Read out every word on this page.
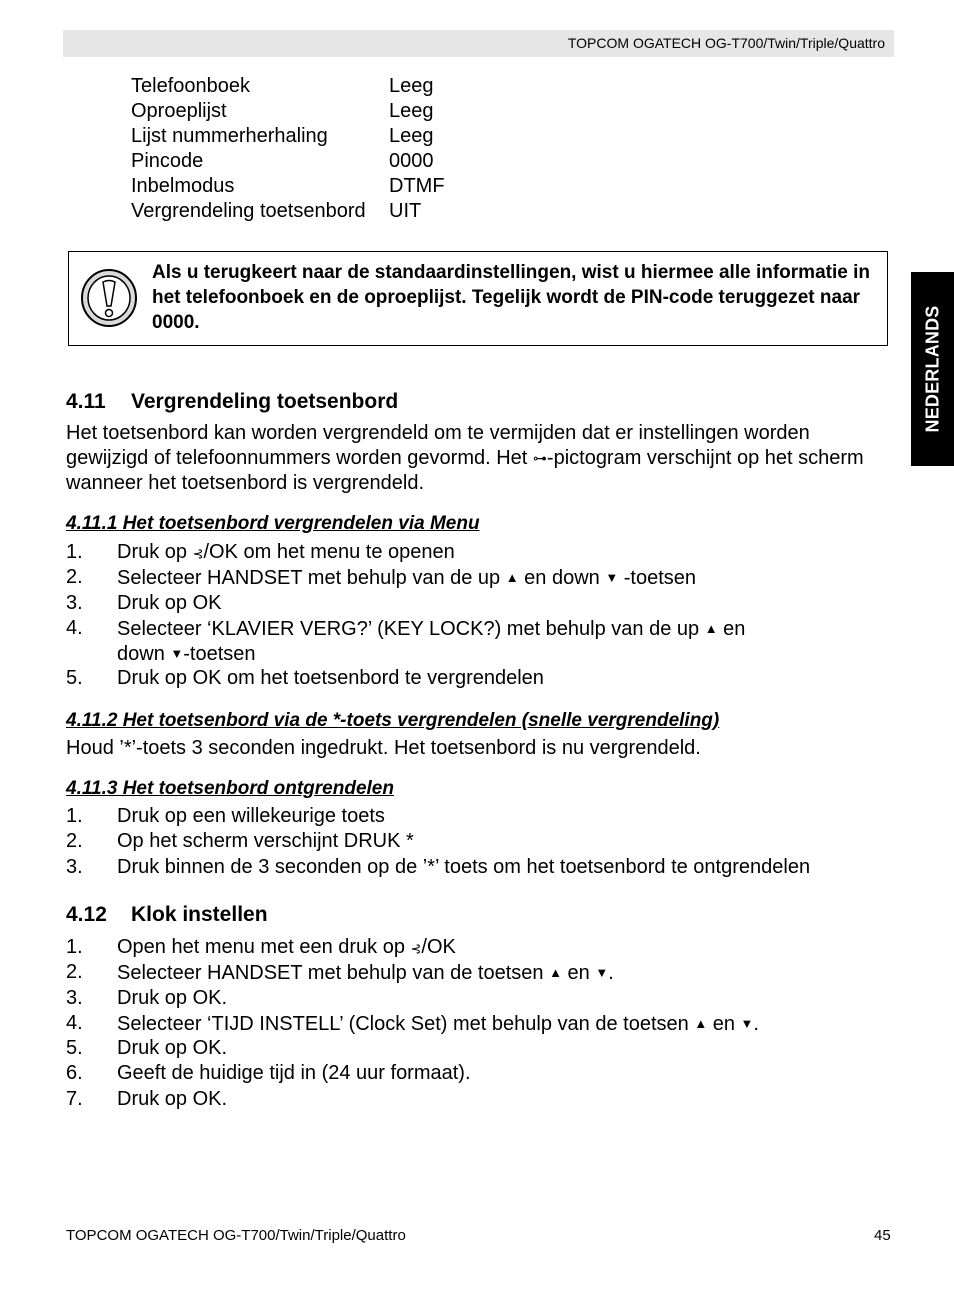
TOPCOM OGATECH OG-T700/Twin/Triple/Quattro
NEDERLANDS
Telefoonboek	Leeg
Oproeplijst	Leeg
Lijst nummerherhaling	Leeg
Pincode	0000
Inbelmodus	DTMF
Vergrendeling toetsenbord UIT
Als u terugkeert naar de standaardinstellingen, wist u hiermee alle informatie in het telefoonboek en de oproeplijst. Tegelijk wordt de PIN-code teruggezet naar 0000.
4.11 Vergrendeling toetsenbord
Het toetsenbord kan worden vergrendeld om te vermijden dat er instellingen worden gewijzigd of telefoonnummers worden gevormd. Het ⊶-pictogram verschijnt op het scherm wanneer het toetsenbord is vergrendeld.
4.11.1 Het toetsenbord vergrendelen via Menu
1. Druk op ⊰/OK om het menu te openen
2. Selecteer HANDSET met behulp van de up ▲ en down ▼ -toetsen
3. Druk op OK
4. Selecteer ‘KLAVIER VERG?’ (KEY LOCK?) met behulp van de up ▲ en
down ▼-toetsen
5. Druk op OK om het toetsenbord te vergrendelen
4.11.2 Het toetsenbord via de *-toets vergrendelen (snelle vergrendeling)
Houd ’*’-toets 3 seconden ingedrukt. Het toetsenbord is nu vergrendeld.
4.11.3 Het toetsenbord ontgrendelen
1. Druk op een willekeurige toets
2. Op het scherm verschijnt DRUK *
3. Druk binnen de 3 seconden op de ’*’ toets om het toetsenbord te ontgrendelen
4.12 Klok instellen
1. Open het menu met een druk op ⊰/OK
2. Selecteer HANDSET met behulp van de toetsen ▲ en ▼.
3. Druk op OK.
4. Selecteer ‘TIJD INSTELL’ (Clock Set) met behulp van de toetsen ▲ en ▼.
5. Druk op OK.
6. Geeft de huidige tijd in (24 uur formaat).
7. Druk op OK.
TOPCOM OGATECH OG-T700/Twin/Triple/Quattro	45
